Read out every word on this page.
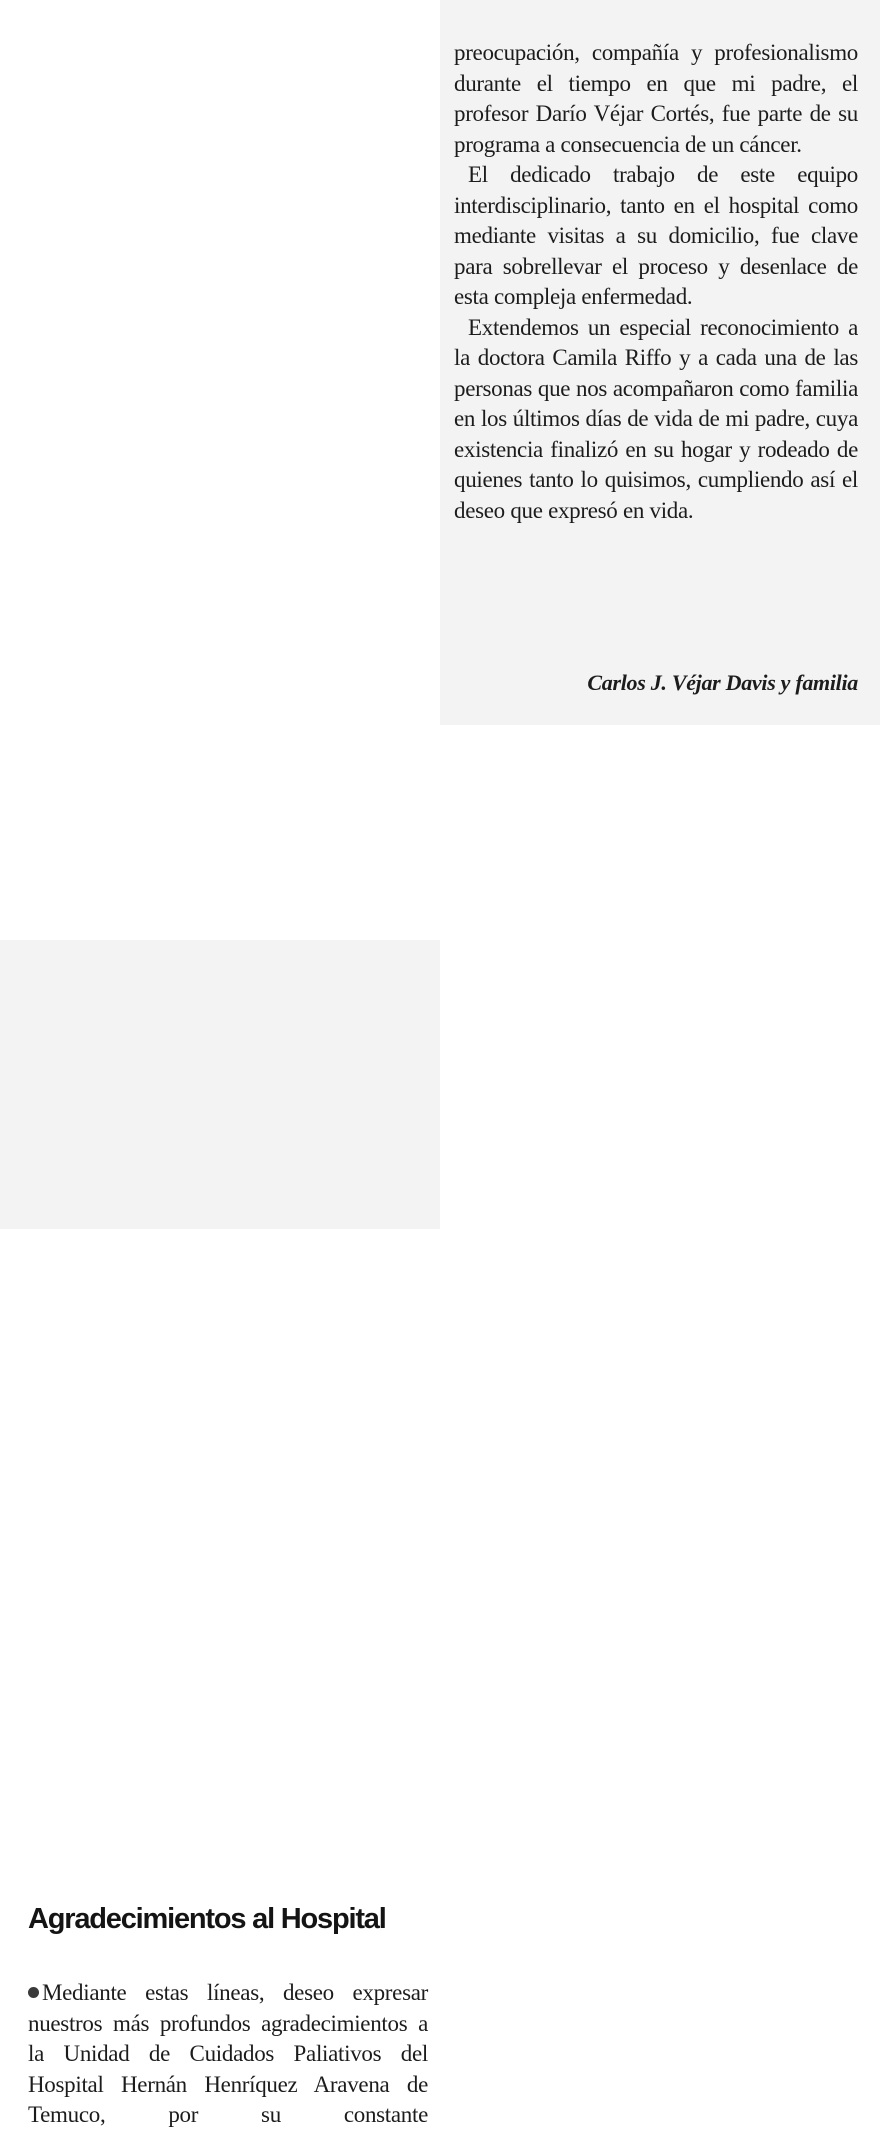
preocupación, compañía y profesionalismo durante el tiempo en que mi padre, el profesor Darío Véjar Cortés, fue parte de su programa a consecuencia de un cáncer.

El dedicado trabajo de este equipo interdisciplinario, tanto en el hospital como mediante visitas a su domicilio, fue clave para sobrellevar el proceso y desenlace de esta compleja enfermedad.

Extendemos un especial reconocimiento a la doctora Camila Riffo y a cada una de las personas que nos acompañaron como familia en los últimos días de vida de mi padre, cuya existencia finalizó en su hogar y rodeado de quienes tanto lo quisimos, cumpliendo así el deseo que expresó en vida.

Carlos J. Véjar Davis y familia
Agradecimientos al Hospital

Mediante estas líneas, deseo expresar nuestros más profundos agradecimientos a la Unidad de Cuidados Paliativos del Hospital Hernán Henríquez Aravena de Temuco, por su constante
